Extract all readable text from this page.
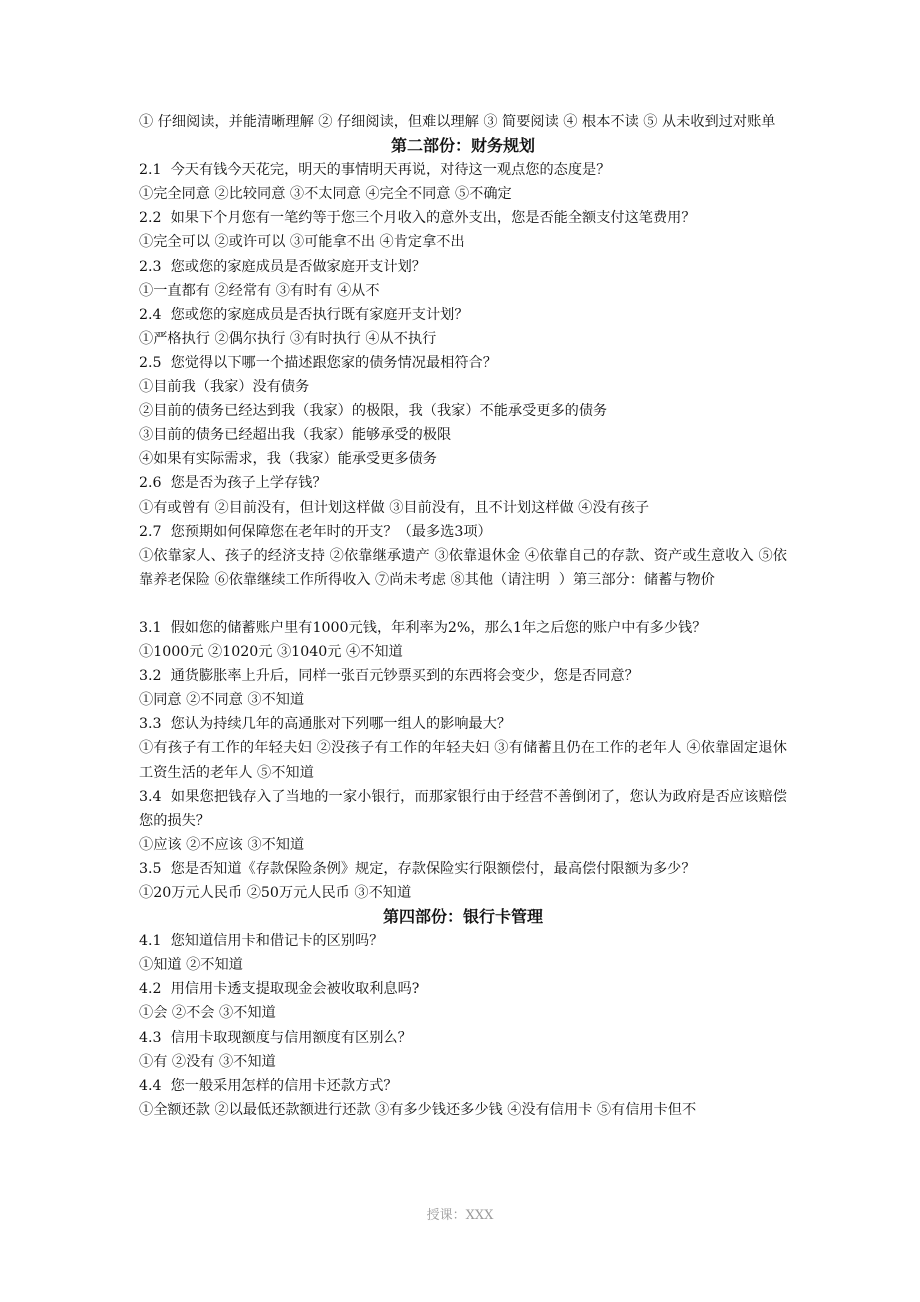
① 仔细阅读，并能清晰理解 ② 仔细阅读，但难以理解 ③ 简要阅读 ④ 根本不读 ⑤ 从未收到过对账单
第二部份：财务规划
2.1  今天有钱今天花完，明天的事情明天再说，对待这一观点您的态度是？
①完全同意 ②比较同意 ③不太同意 ④完全不同意 ⑤不确定
2.2  如果下个月您有一笔约等于您三个月收入的意外支出，您是否能全额支付这笔费用？
①完全可以 ②或许可以 ③可能拿不出 ④肯定拿不出
2.3  您或您的家庭成员是否做家庭开支计划？
①一直都有 ②经常有 ③有时有 ④从不
2.4  您或您的家庭成员是否执行既有家庭开支计划？
①严格执行 ②偶尔执行 ③有时执行 ④从不执行
2.5  您觉得以下哪一个描述跟您家的债务情况最相符合？
①目前我（我家）没有债务
②目前的债务已经达到我（我家）的极限，我（我家）不能承受更多的债务
③目前的债务已经超出我（我家）能够承受的极限
④如果有实际需求，我（我家）能承受更多债务
2.6  您是否为孩子上学存钱？
①有或曾有 ②目前没有，但计划这样做 ③目前没有，且不计划这样做 ④没有孩子
2.7  您预期如何保障您在老年时的开支？（最多选3项）
①依靠家人、孩子的经济支持 ②依靠继承遗产 ③依靠退休金 ④依靠自己的存款、资产或生意收入 ⑤依靠养老保险 ⑥依靠继续工作所得收入 ⑦尚未考虑 ⑧其他（请注明  ）第三部分：储蓄与物价
3.1  假如您的储蓄账户里有1000元钱，年利率为2%，那么1年之后您的账户中有多少钱？
①1000元 ②1020元 ③1040元 ④不知道
3.2  通货膨胀率上升后，同样一张百元钞票买到的东西将会变少，您是否同意？
①同意 ②不同意 ③不知道
3.3  您认为持续几年的高通胀对下列哪一组人的影响最大？
①有孩子有工作的年轻夫妇 ②没孩子有工作的年轻夫妇 ③有储蓄且仍在工作的老年人 ④依靠固定退休工资生活的老年人 ⑤不知道
3.4  如果您把钱存入了当地的一家小银行，而那家银行由于经营不善倒闭了，您认为政府是否应该赔偿您的损失？
①应该 ②不应该 ③不知道
3.5  您是否知道《存款保险条例》规定，存款保险实行限额偿付，最高偿付限额为多少？
①20万元人民币 ②50万元人民币 ③不知道
第四部份：银行卡管理
4.1  您知道信用卡和借记卡的区别吗？
①知道 ②不知道
4.2  用信用卡透支提取现金会被收取利息吗?
①会 ②不会 ③不知道
4.3  信用卡取现额度与信用额度有区别么？
①有 ②没有 ③不知道
4.4  您一般采用怎样的信用卡还款方式？
①全额还款 ②以最低还款额进行还款 ③有多少钱还多少钱 ④没有信用卡 ⑤有信用卡但不
授课：XXX
